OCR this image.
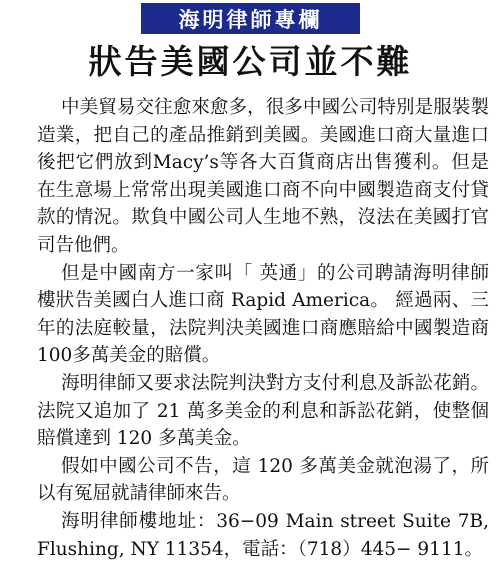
海明律師專欄
狀告美國公司並不難

中美貿易交往愈來愈多，很多中國公司特別是服裝製造業，把自己的產品推銷到美國。美國進口商大量進口後把它們放到Macy’s等各大百貨商店出售獲利。但是在生意場上常常出現美國進口商不向中國製造商支付貸款的情況。欺負中國公司人生地不熟，沒法在美國打官司告他們。

但是中國南方一家叫「 英通」的公司聘請海明律師樓狀告美國白人進口商 Rapid America。 經過兩、三年的法庭較量，法院判決美國進口商應賠給中國製造商100多萬美金的賠償。

海明律師又要求法院判決對方支付利息及訴訟花銷。法院又追加了 21 萬多美金的利息和訴訟花銷，使整個賠償達到 120 多萬美金。

假如中國公司不告，這 120 多萬美金就泡湯了，所以有冤屈就請律師來告。

海明律師樓地址：36−09 Main street Suite 7B, Flushing, NY 11354，電話：（718）445− 9111。
